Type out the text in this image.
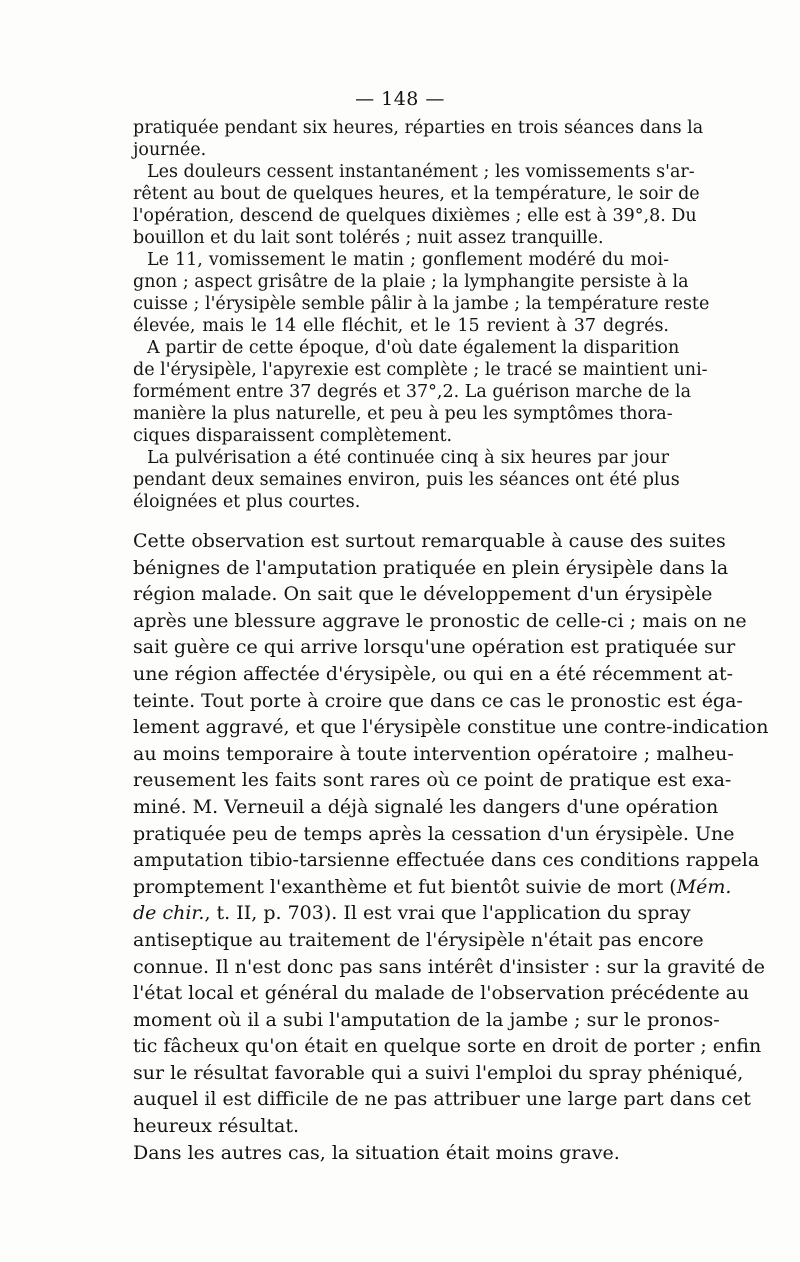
— 148 —
pratiquée pendant six heures, réparties en trois séances dans la
journée.
Les douleurs cessent instantanément ; les vomissements s'ar-
rêtent au bout de quelques heures, et la température, le soir de
l'opération, descend de quelques dixièmes ; elle est à 39°,8. Du
bouillon et du lait sont tolérés ; nuit assez tranquille.
Le 11, vomissement le matin ; gonflement modéré du moi-
gnon ; aspect grisâtre de la plaie ; la lymphangite persiste à la
cuisse ; l'érysipèle semble pâlir à la jambe ; la température reste
élevée, mais le 14 elle fléchit, et le 15 revient à 37 degrés.
A partir de cette époque, d'où date également la disparition
de l'érysipèle, l'apyrexie est complète ; le tracé se maintient uni-
formément entre 37 degrés et 37°,2. La guérison marche de la
manière la plus naturelle, et peu à peu les symptômes thora-
ciques disparaissent complètement.
La pulvérisation a été continuée cinq à six heures par jour
pendant deux semaines environ, puis les séances ont été plus
éloignées et plus courtes.
Cette observation est surtout remarquable à cause des suites
bénignes de l'amputation pratiquée en plein érysipèle dans la
région malade. On sait que le développement d'un érysipèle
après une blessure aggrave le pronostic de celle-ci ; mais on ne
sait guère ce qui arrive lorsqu'une opération est pratiquée sur
une région affectée d'érysipèle, ou qui en a été récemment at-
teinte. Tout porte à croire que dans ce cas le pronostic est éga-
lement aggravé, et que l'érysipèle constitue une contre-indication
au moins temporaire à toute intervention opératoire ; malheu-
reusement les faits sont rares où ce point de pratique est exa-
miné. M. Verneuil a déjà signalé les dangers d'une opération
pratiquée peu de temps après la cessation d'un érysipèle. Une
amputation tibio-tarsienne effectuée dans ces conditions rappela
promptement l'exanthème et fut bientôt suivie de mort (Mém.
de chir., t. II, p. 703). Il est vrai que l'application du spray
antiseptique au traitement de l'érysipèle n'était pas encore
connue. Il n'est donc pas sans intérêt d'insister : sur la gravité de
l'état local et général du malade de l'observation précédente au
moment où il a subi l'amputation de la jambe ; sur le pronos-
tic fâcheux qu'on était en quelque sorte en droit de porter ; enfin
sur le résultat favorable qui a suivi l'emploi du spray phéniqué,
auquel il est difficile de ne pas attribuer une large part dans cet
heureux résultat.
Dans les autres cas, la situation était moins grave.
